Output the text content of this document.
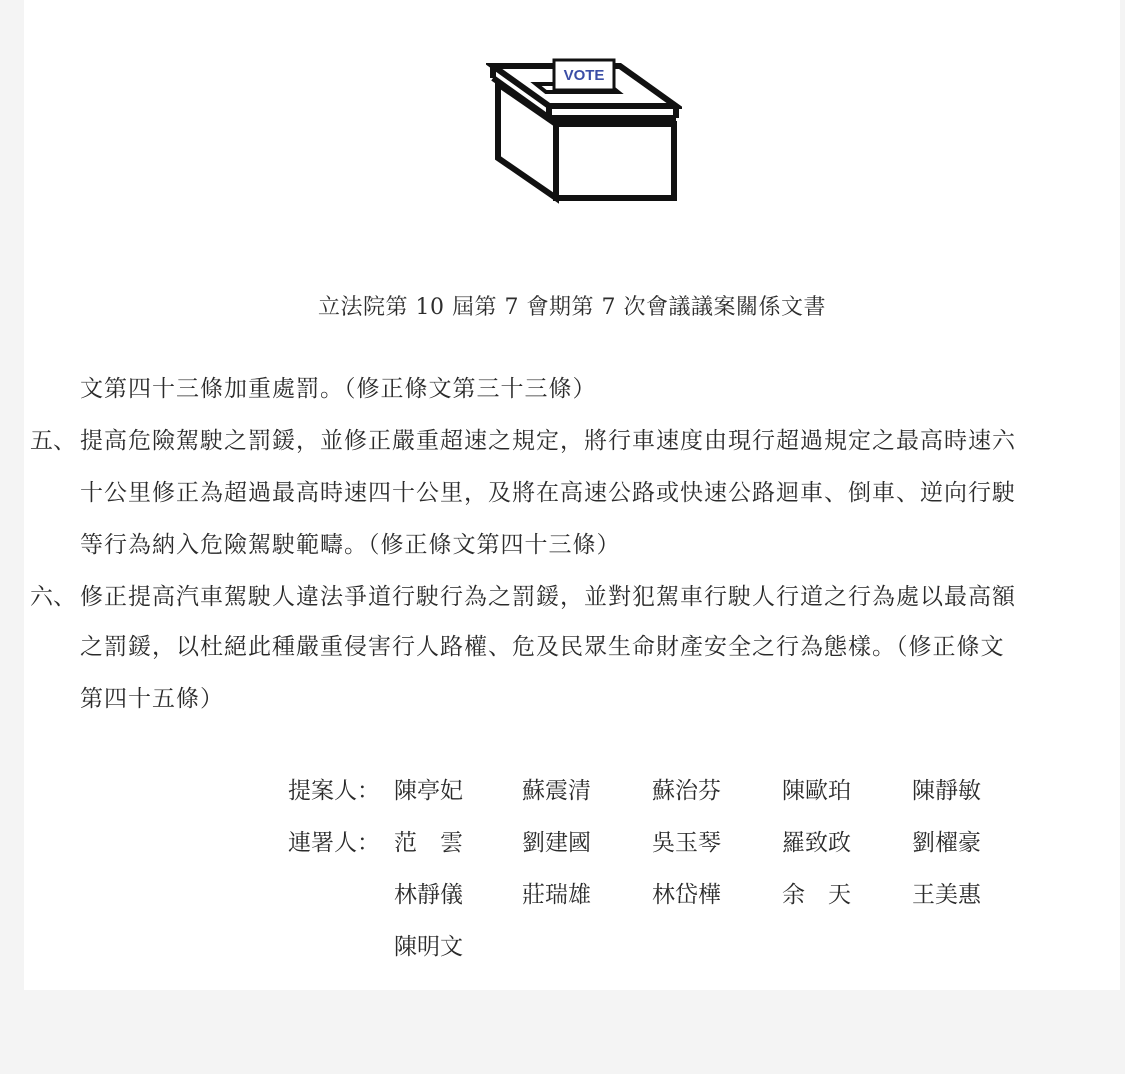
VOTE
立法院第 10 屆第 7 會期第 7 次會議議案關係文書
文第四十三條加重處罰。（修正條文第三十三條）
五、 提高危險駕駛之罰鍰，並修正嚴重超速之規定，將行車速度由現行超過規定之最高時速六
十公里修正為超過最高時速四十公里，及將在高速公路或快速公路迴車、倒車、逆向行駛
等行為納入危險駕駛範疇。（修正條文第四十三條）
六、 修正提高汽車駕駛人違法爭道行駛行為之罰鍰，並對犯駕車行駛人行道之行為處以最高額
之罰鍰，以杜絕此種嚴重侵害行人路權、危及民眾生命財產安全之行為態樣。（修正條文
第四十五條）
提案人： 陳亭妃	蘇震清	蘇治芬	陳歐珀	陳靜敏
連署人： 范　雲	劉建國	吳玉琴	羅致政	劉櫂豪
林靜儀	莊瑞雄	林岱樺	余　天	王美惠
陳明文
